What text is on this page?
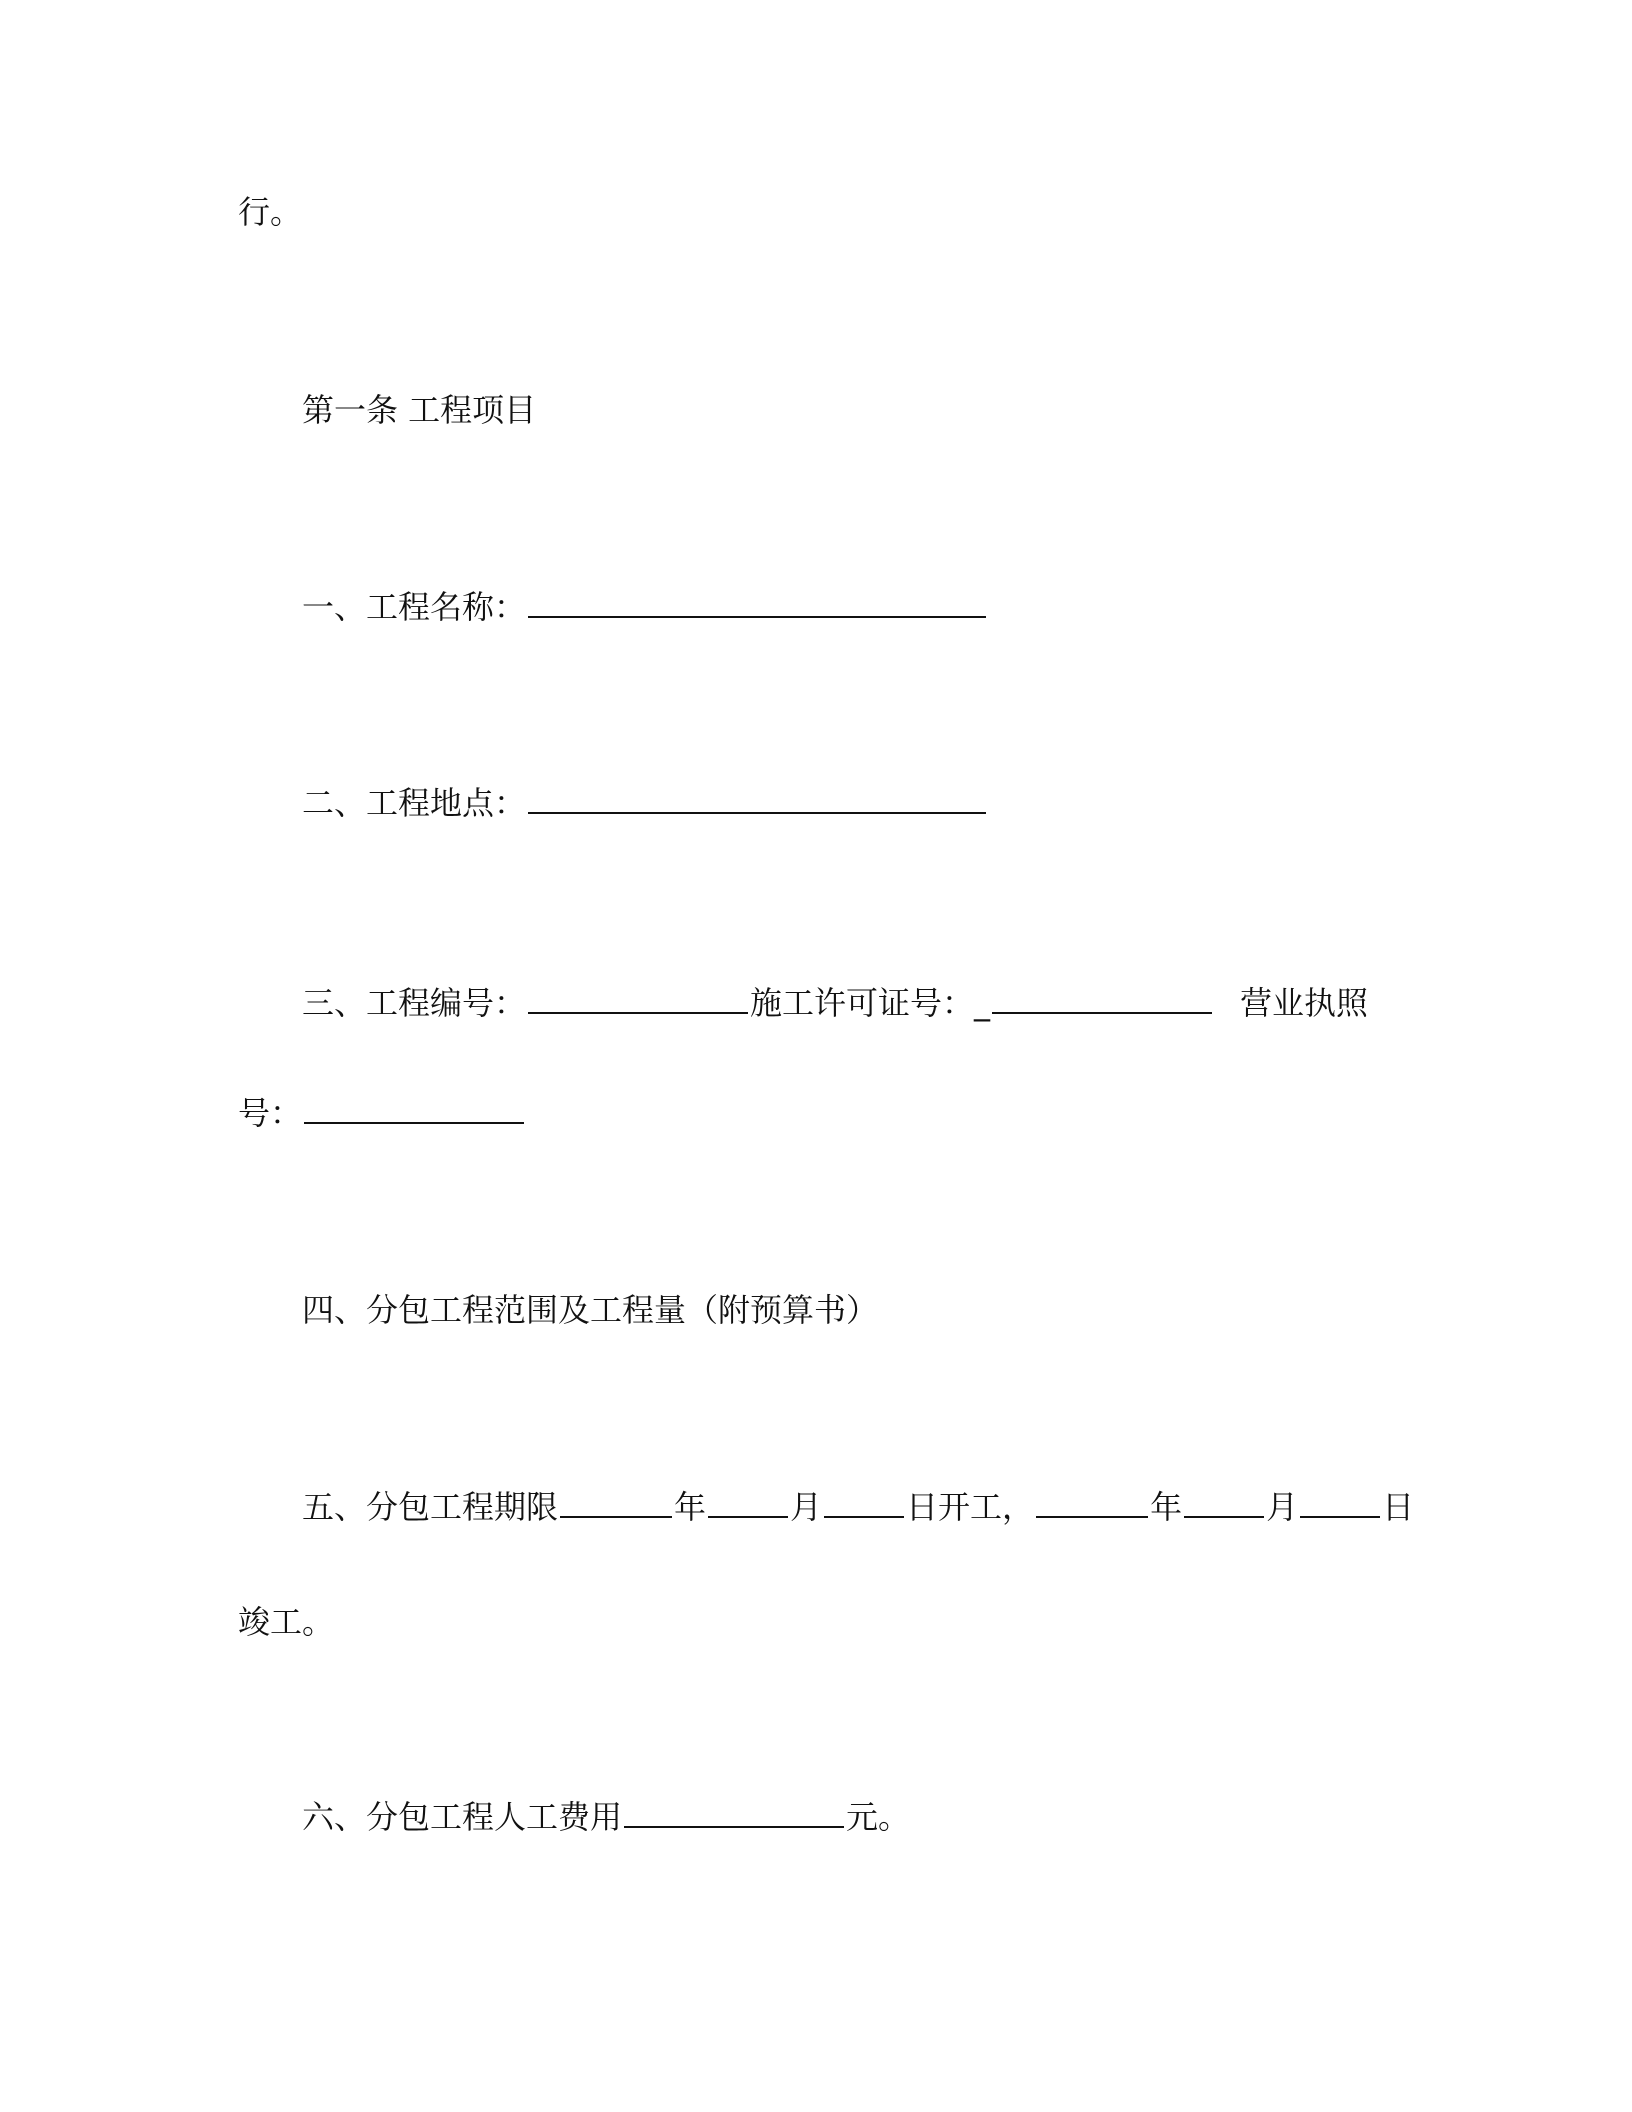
行。

第一条 工程项目

一、工程名称：

二、工程地点：

三、工程编号：	施工许可证号：_	营业执照

号：

四、分包工程范围及工程量（附预算书）

五、分包工程期限	年	月	日开工，	年	月	日

竣工。

六、分包工程人工费用	元。
